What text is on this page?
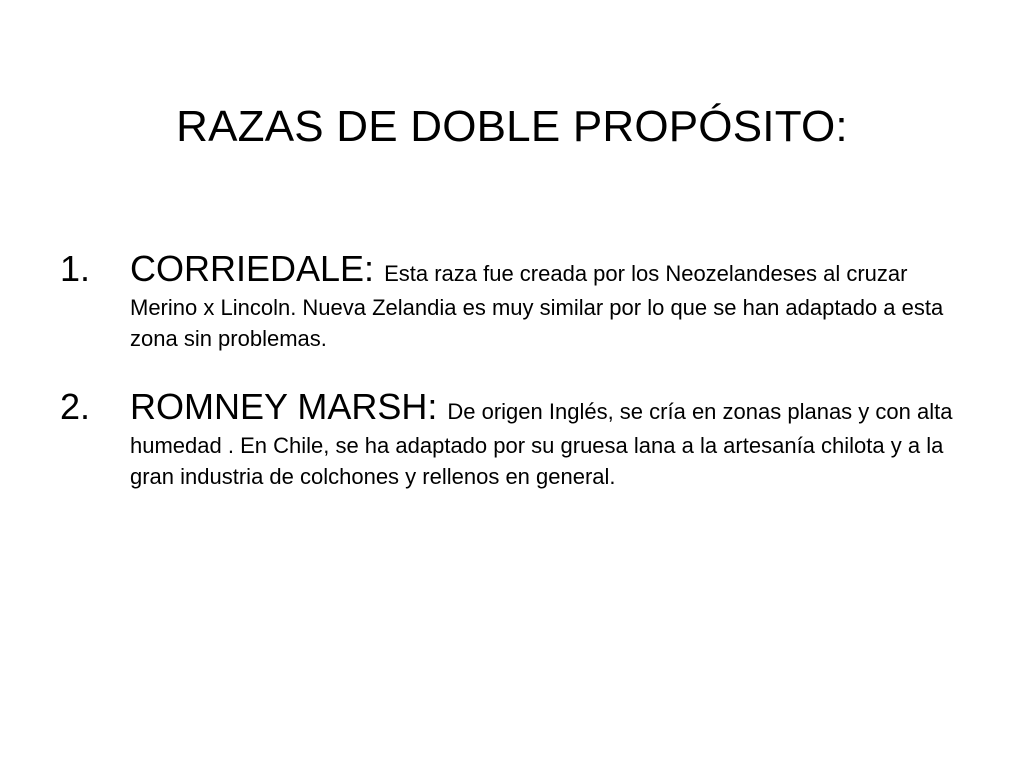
RAZAS DE DOBLE PROPÓSITO:
1. CORRIEDALE: Esta raza fue creada por los Neozelandeses al cruzar Merino x Lincoln. Nueva Zelandia es muy similar por lo que se han adaptado a esta zona sin problemas.
2. ROMNEY MARSH: De origen Inglés, se cría en zonas planas y con alta humedad . En Chile, se ha adaptado por su gruesa lana a la artesanía chilota y a la gran industria de colchones y rellenos en general.
